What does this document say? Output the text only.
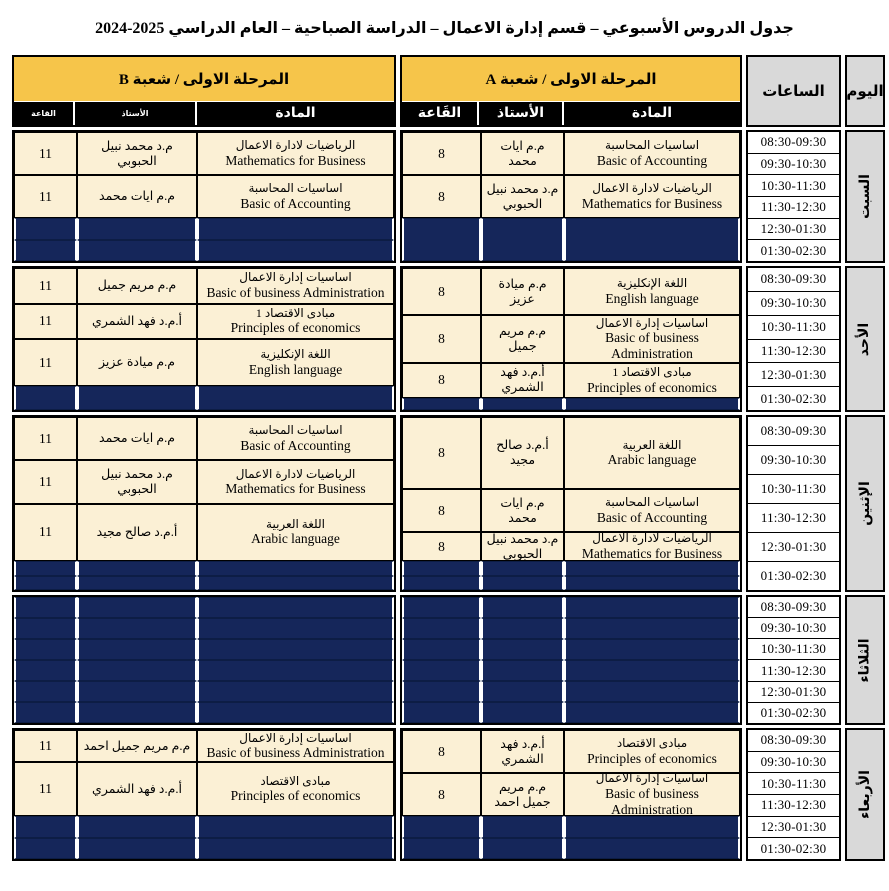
جدول الدروس الأسبوعي – قسم إدارة الاعمال – الدراسة الصباحية – العام الدراسي 2025-2024
اليوم
السبت
الأحد
الإثنين
الثلاثاء
الأربعاء
الساعات
08:30-09:30
09:30-10:30
10:30-11:30
11:30-12:30
12:30-01:30
01:30-02:30
08:30-09:30
09:30-10:30
10:30-11:30
11:30-12:30
12:30-01:30
01:30-02:30
08:30-09:30
09:30-10:30
10:30-11:30
11:30-12:30
12:30-01:30
01:30-02:30
08:30-09:30
09:30-10:30
10:30-11:30
11:30-12:30
12:30-01:30
01:30-02:30
08:30-09:30
09:30-10:30
10:30-11:30
11:30-12:30
12:30-01:30
01:30-02:30
المرحلة الاولى / شعبة A
المادة
الأستاذ
القَاعة
اساسيات المحاسبة
Basic of Accounting
م.م ايات محمد
8
الرياضيات لادارة الاعمال
Mathematics for Business
م.د محمد نبيل الحبوبي
8
اللغة الإنكليزية
English language
م.م ميادة عزيز
8
اساسيات إدارة الاعمال
Basic of business Administration
م.م مريم جميل
8
مبادى الاقتصاد 1
Principles of economics
أ.م.د فهد الشمري
8
اللغة العربية
Arabic language
أ.م.د صالح مجيد
8
اساسيات المحاسبة
Basic of Accounting
م.م ايات محمد
8
الرياضيات لادارة الاعمال
Mathematics for Business
م.د محمد نبيل الحبوبي
8
مبادى الاقتصاد
Principles of economics
أ.م.د فهد الشمري
8
اساسيات إدارة الاعمال
Basic of business Administration
م.م مريم جميل احمد
8
المرحلة الاولى / شعبة B
المادة
الأستاذ
القاعة
الرياضيات لادارة الاعمال
Mathematics for Business
م.د محمد نبيل الحبوبي
11
اساسيات المحاسبة
Basic of Accounting
م.م ايات محمد
11
اساسيات إدارة الاعمال
Basic of business Administration
م.م مريم جميل
11
مبادى الاقتصاد 1
Principles of economics
أ.م.د فهد الشمري
11
اللغة الإنكليزية
English language
م.م ميادة عزيز
11
اساسيات المحاسبة
Basic of Accounting
م.م ايات محمد
11
الرياضيات لادارة الاعمال
Mathematics for Business
م.د محمد نبيل الحبوبي
11
اللغة العربية
Arabic language
أ.م.د صالح مجيد
11
اساسيات إدارة الاعمال
Basic of business Administration
م.م مريم جميل احمد
11
مبادى الاقتصاد
Principles of economics
أ.م.د فهد الشمري
11
